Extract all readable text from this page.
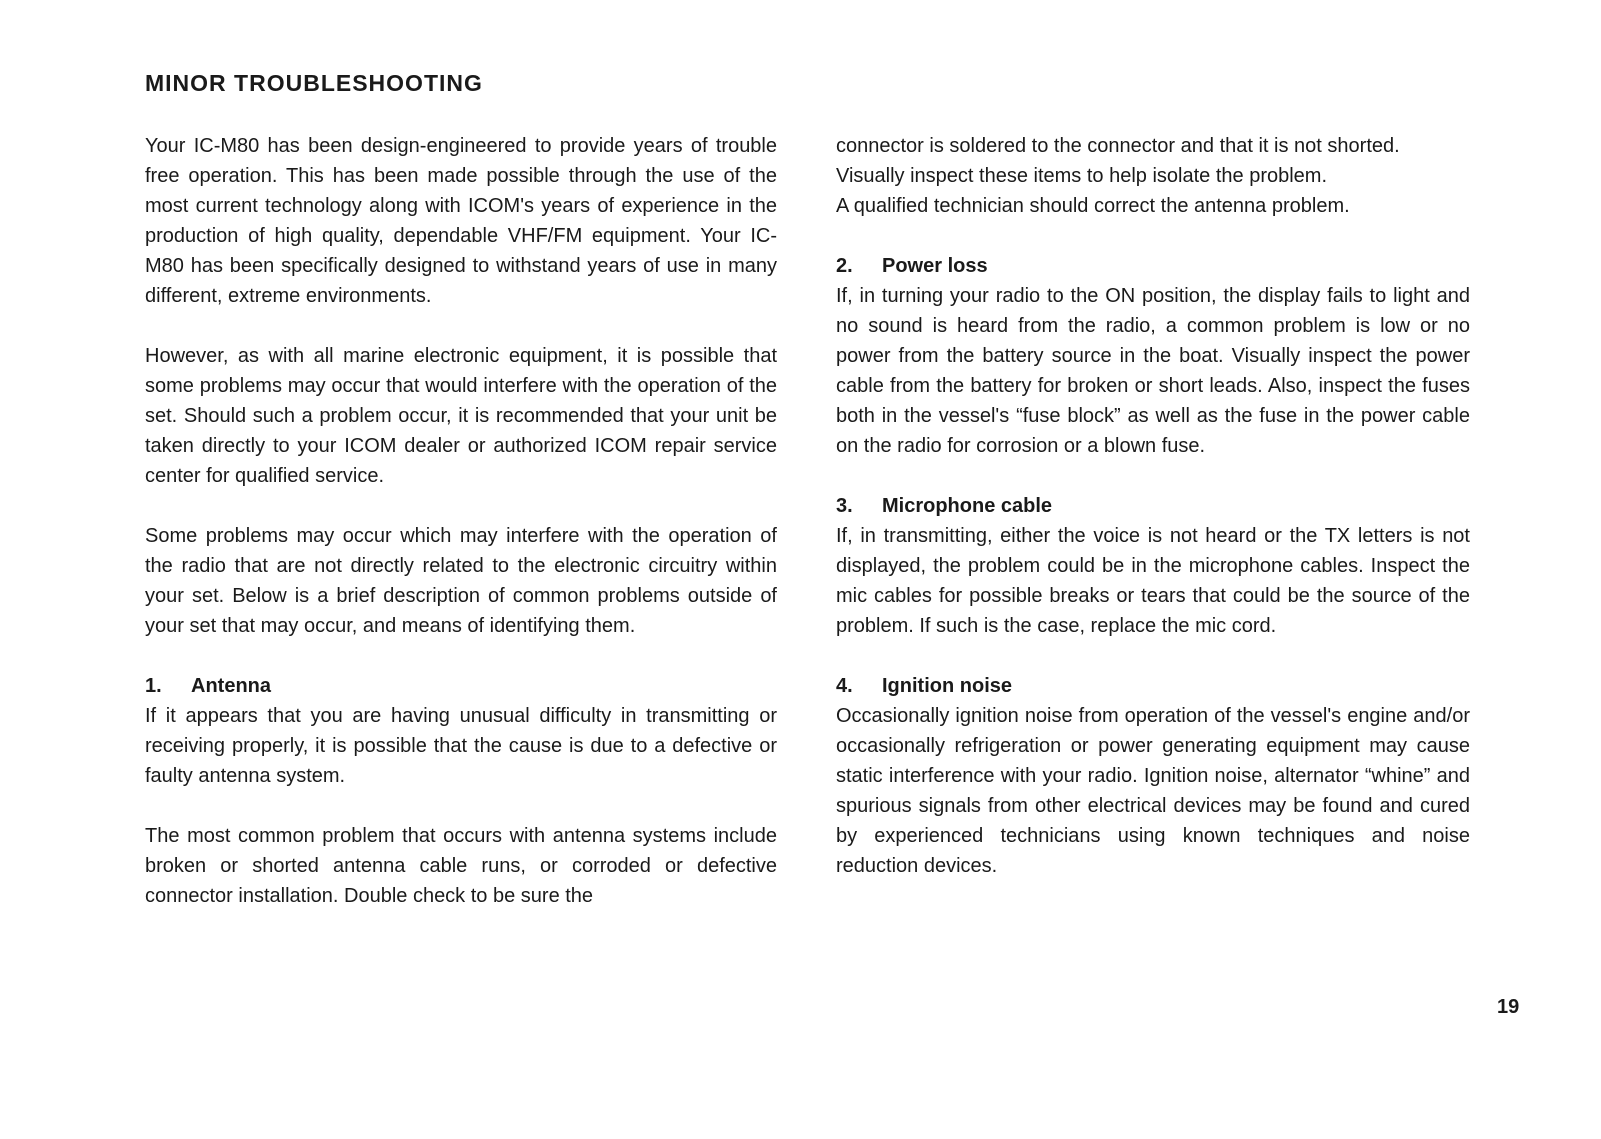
MINOR TROUBLESHOOTING

Your IC-M80 has been design-engineered to provide years of trouble free operation. This has been made possible through the use of the most current technology along with ICOM's years of experience in the production of high quality, dependable VHF/FM equipment. Your IC-M80 has been specifically designed to withstand years of use in many different, extreme environments.

However, as with all marine electronic equipment, it is possible that some problems may occur that would interfere with the operation of the set. Should such a problem occur, it is recommended that your unit be taken directly to your ICOM dealer or authorized ICOM repair service center for qualified service.

Some problems may occur which may interfere with the operation of the radio that are not directly related to the electronic circuitry within your set. Below is a brief description of common problems outside of your set that may occur, and means of identifying them.

1. Antenna

If it appears that you are having unusual difficulty in transmitting or receiving properly, it is possible that the cause is due to a defective or faulty antenna system.

The most common problem that occurs with antenna systems include broken or shorted antenna cable runs, or corroded or defective connector installation. Double check to be sure the

connector is soldered to the connector and that it is not shorted.

Visually inspect these items to help isolate the problem.

A qualified technician should correct the antenna problem.

2. Power loss

If, in turning your radio to the ON position, the display fails to light and no sound is heard from the radio, a common problem is low or no power from the battery source in the boat. Visually inspect the power cable from the battery for broken or short leads. Also, inspect the fuses both in the vessel's “fuse block” as well as the fuse in the power cable on the radio for corrosion or a blown fuse.

3. Microphone cable

If, in transmitting, either the voice is not heard or the TX letters is not displayed, the problem could be in the microphone cables. Inspect the mic cables for possible breaks or tears that could be the source of the problem. If such is the case, replace the mic cord.

4. Ignition noise

Occasionally ignition noise from operation of the vessel's engine and/or occasionally refrigeration or power generating equipment may cause static interference with your radio. Ignition noise, alternator “whine” and spurious signals from other electrical devices may be found and cured by experienced technicians using known techniques and noise reduction devices.

19
